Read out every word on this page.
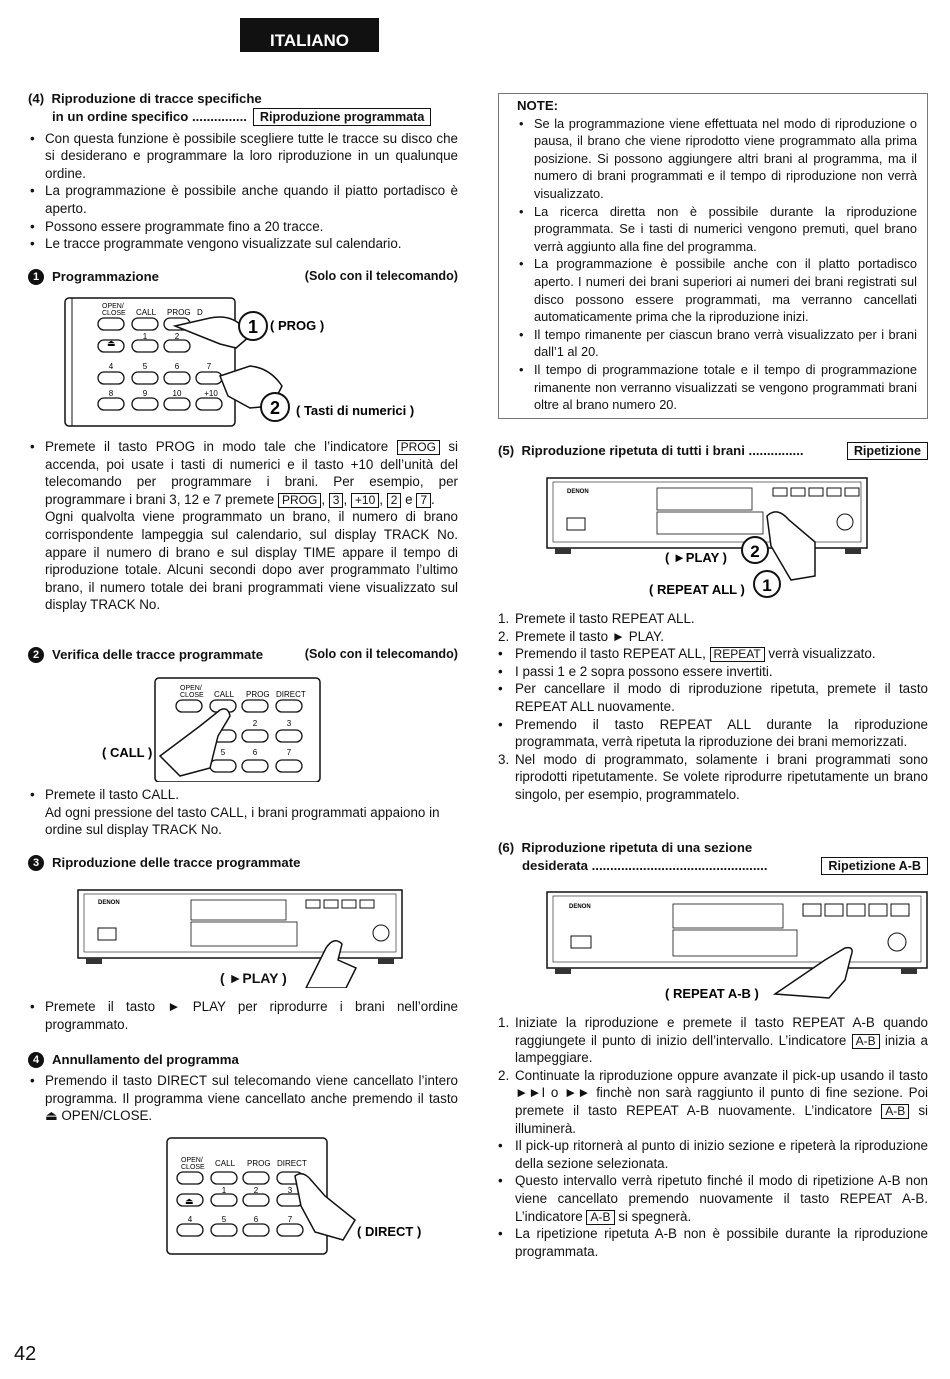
ITALIANO
(4) Riproduzione di tracce specifiche
in un ordine specifico ...............	Riproduzione programmata
• Con questa funzione è possibile scegliere tutte le tracce su disco che si desiderano e programmare la loro riproduzione in un qualunque ordine.
• La programmazione è possibile anche quando il piatto portadisco è aperto.
• Possono essere programmate fino a 20 tracce.
• Le tracce programmate vengono visualizzate sul calendario.
1 Programmazione	(Solo con il telecomando)
OPEN/
CLOSE CALL PROG D
⏏
1	2
4	5	6	7
8	9	10	+10
1
2
( PROG )
( Tasti di numerici )
• Premete il tasto PROG in modo tale che l’indicatore PROG si accenda, poi usate i tasti di numerici e il tasto +10 dell’unità del telecomando per programmare i brani. Per esempio, per programmare i brani 3, 12 e 7 premete PROG , 3 , +10 , 2 e 7 .
Ogni qualvolta viene programmato un brano, il numero di brano corrispondente lampeggia sul calendario, sul display TRACK No. appare il numero di brano e sul display TIME appare il tempo di riproduzione totale. Alcuni secondi dopo aver programmato l’ultimo brano, il numero totale dei brani programmati viene visualizzato sul display TRACK No.
2 Verifica delle tracce programmate	(Solo con il telecomando)
OPEN/
CLOSE CALL PROG DIRECT
2	3
5	6	7
( CALL )
• Premete il tasto CALL.
Ad ogni pressione del tasto CALL, i brani programmati appaiono in ordine sul display TRACK No.
3 Riproduzione delle tracce programmate
DENON
( ►PLAY )
• Premete il tasto ► PLAY per riprodurre i brani nell’ordine programmato.
4 Annullamento del programma
• Premendo il tasto DIRECT sul telecomando viene cancellato l’intero programma. Il programma viene cancellato anche premendo il tasto ⏏ OPEN/CLOSE.
OPEN/
CLOSE CALL PROG DIRECT
⏏
1	2	3
4	5	6	7
( DIRECT )
42
NOTE:
• Se la programmazione viene effettuata nel modo di riproduzione o pausa, il brano che viene riprodotto viene programmato alla prima posizione. Si possono aggiungere altri brani al programma, ma il numero di brani programmati e il tempo di riproduzione non verrà visualizzato.
• La ricerca diretta non è possibile durante la riproduzione programmata. Se i tasti di numerici vengono premuti, quel brano verrà aggiunto alla fine del programma.
• La programmazione è possibile anche con il platto portadisco aperto. I numeri dei brani superiori ai numeri dei brani registrati sul disco possono essere programmati, ma verranno cancellati automaticamente prima che la riproduzione inizi.
• Il tempo rimanente per ciascun brano verrà visualizzato per i brani dall’1 al 20.
• Il tempo di programmazione totale e il tempo di programmazione rimanente non verranno visualizzati se vengono programmati brani oltre al brano numero 20.
(5)
Riproduzione ripetuta di tutti i brani ...............	Ripetizione
DENON
2
1
( ►PLAY )
( REPEAT ALL )
1. Premete il tasto REPEAT ALL.
2. Premete il tasto ► PLAY.
• Premendo il tasto REPEAT ALL, REPEAT verrà visualizzato.
• I passi 1 e 2 sopra possono essere invertiti.
• Per cancellare il modo di riproduzione ripetuta, premete il tasto REPEAT ALL nuovamente.
• Premendo il tasto REPEAT ALL durante la riproduzione programmata, verrà ripetuta la riproduzione dei brani memorizzati.
3. Nel modo di programmato, solamente i brani programmati sono riprodotti ripetutamente. Se volete riprodurre ripetutamente un brano singolo, per esempio, programmatelo.
(6) Riproduzione ripetuta di una sezione
desiderata ................................................	Ripetizione A-B
DENON
( REPEAT A-B )
1. Iniziate la riproduzione e premete il tasto REPEAT A-B quando raggiungete il punto di inizio dell’intervallo. L’indicatore A-B inizia a lampeggiare.
2. Continuate la riproduzione oppure avanzate il pick-up usando il tasto ►►I o ►► finchè non sarà raggiunto il punto di fine sezione. Poi premete il tasto REPEAT A-B nuovamente. L’indicatore A-B si illuminerà.
• Il pick-up ritornerà al punto di inizio sezione e ripeterà la riproduzione della sezione selezionata.
• Questo intervallo verrà ripetuto finché il modo di ripetizione A-B non viene cancellato premendo nuovamente il tasto REPEAT A-B. L’indicatore A-B si spegnerà.
• La ripetizione ripetuta A-B non è possibile durante la riproduzione programmata.
